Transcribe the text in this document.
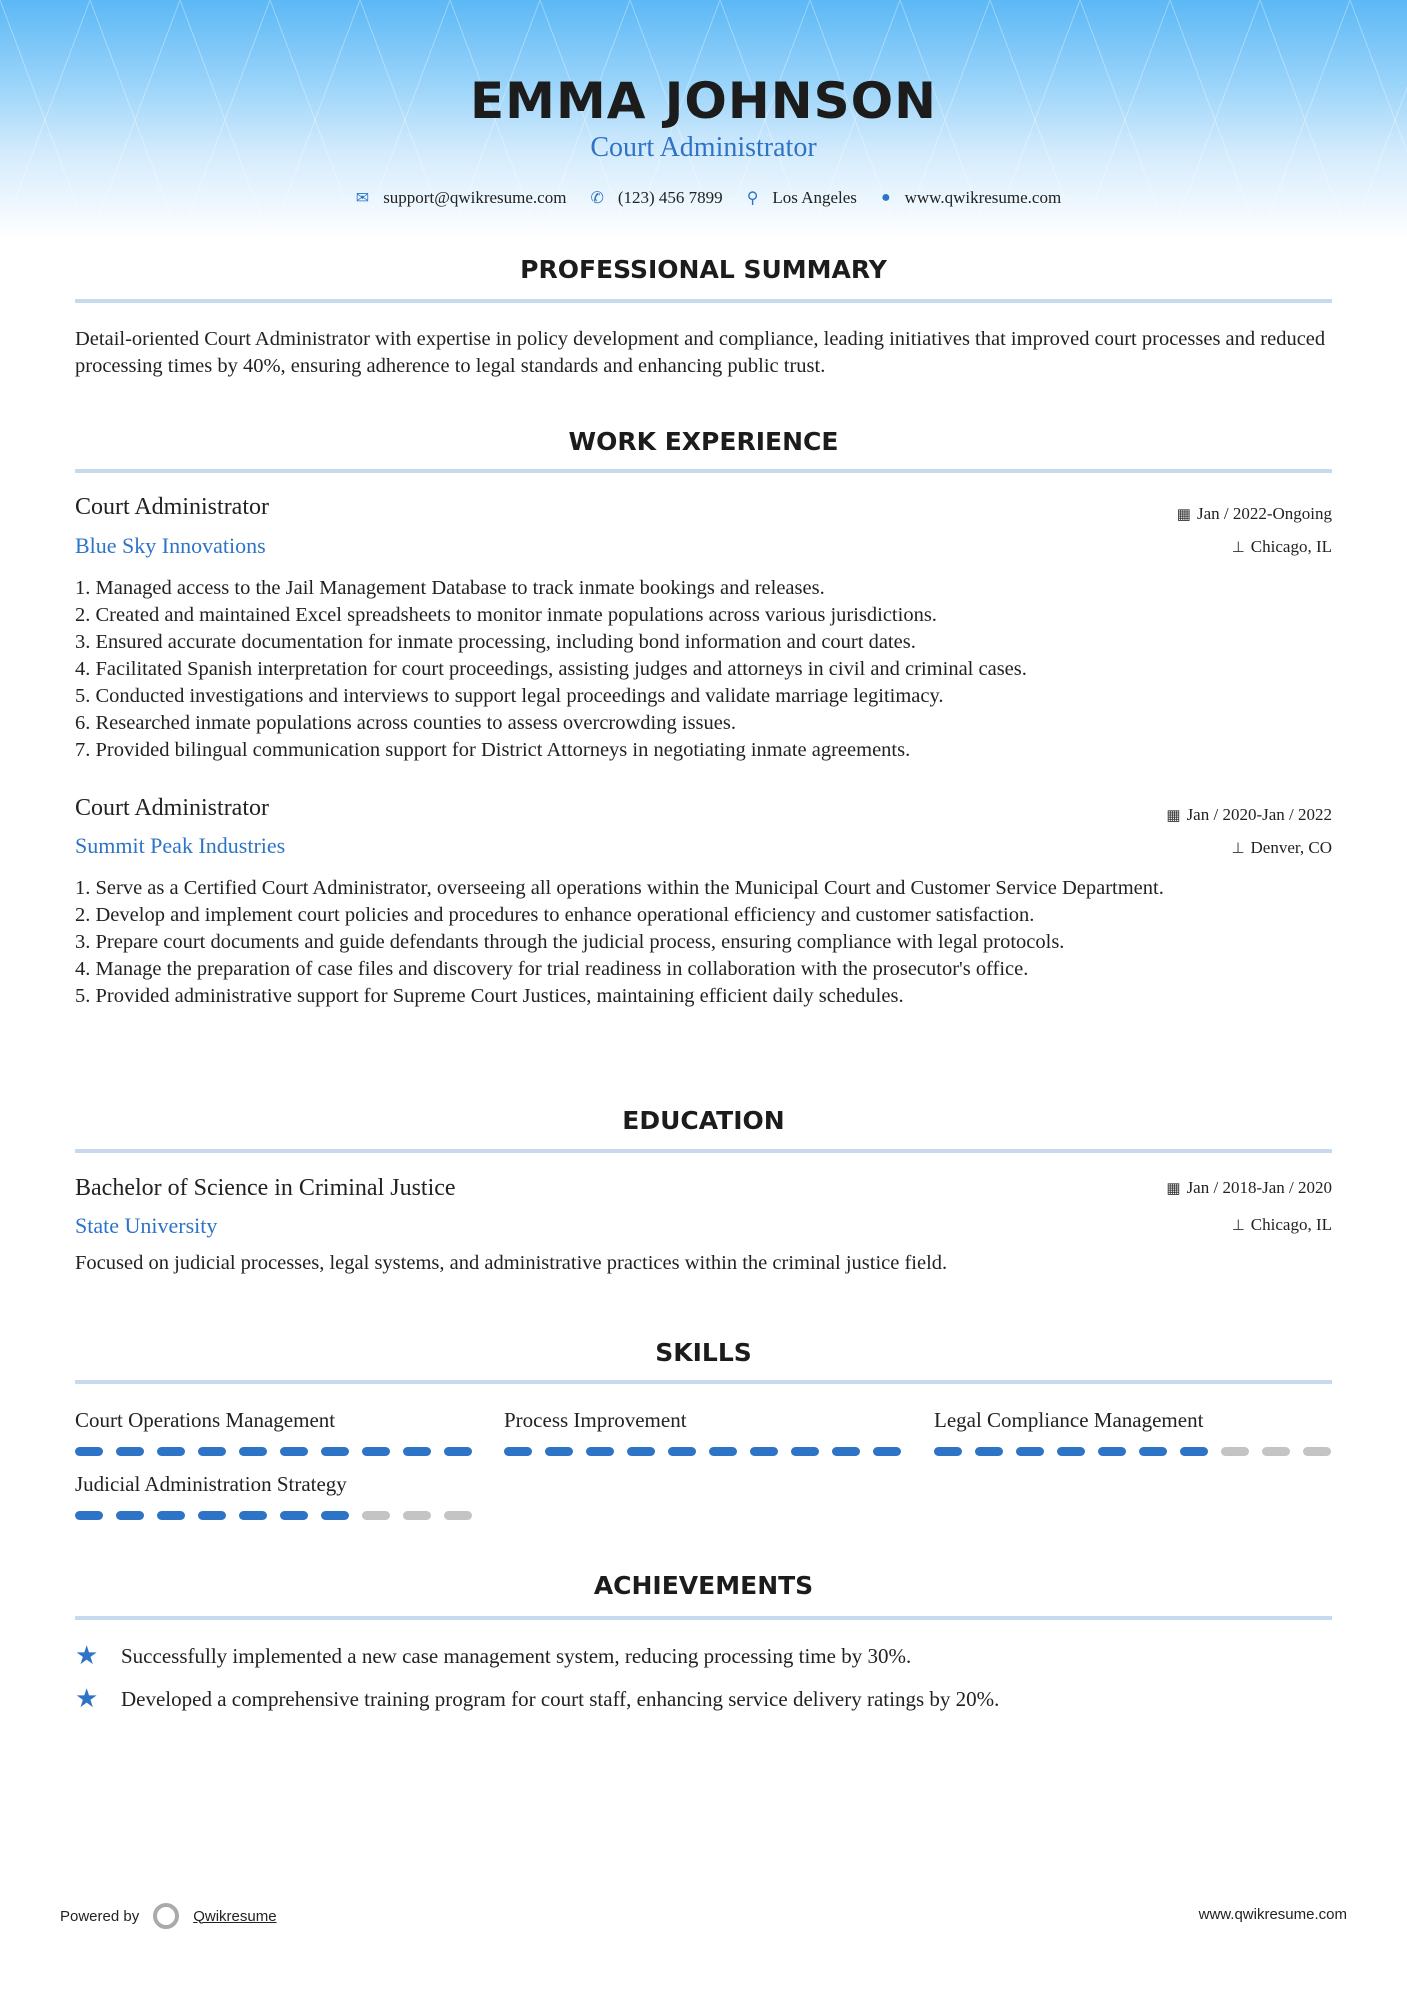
EMMA JOHNSON
Court Administrator
✉ support@qwikresume.com ✆ (123) 456 7899 ⚲ Los Angeles ● www.qwikresume.com
PROFESSIONAL SUMMARY
Detail-oriented Court Administrator with expertise in policy development and compliance, leading initiatives that improved court processes and reduced processing times by 40%, ensuring adherence to legal standards and enhancing public trust.
WORK EXPERIENCE
Court Administrator
Blue Sky Innovations
▦ Jan / 2022-Ongoing
⊥ Chicago, IL
1. Managed access to the Jail Management Database to track inmate bookings and releases.
2. Created and maintained Excel spreadsheets to monitor inmate populations across various jurisdictions.
3. Ensured accurate documentation for inmate processing, including bond information and court dates.
4. Facilitated Spanish interpretation for court proceedings, assisting judges and attorneys in civil and criminal cases.
5. Conducted investigations and interviews to support legal proceedings and validate marriage legitimacy.
6. Researched inmate populations across counties to assess overcrowding issues.
7. Provided bilingual communication support for District Attorneys in negotiating inmate agreements.
Court Administrator
Summit Peak Industries
▦ Jan / 2020-Jan / 2022
⊥ Denver, CO
1. Serve as a Certified Court Administrator, overseeing all operations within the Municipal Court and Customer Service Department.
2. Develop and implement court policies and procedures to enhance operational efficiency and customer satisfaction.
3. Prepare court documents and guide defendants through the judicial process, ensuring compliance with legal protocols.
4. Manage the preparation of case files and discovery for trial readiness in collaboration with the prosecutor's office.
5. Provided administrative support for Supreme Court Justices, maintaining efficient daily schedules.
EDUCATION
Bachelor of Science in Criminal Justice
State University
▦ Jan / 2018-Jan / 2020
⊥ Chicago, IL
Focused on judicial processes, legal systems, and administrative practices within the criminal justice field.
SKILLS
Court Operations Management	Process Improvement	Legal Compliance Management
Judicial Administration Strategy
ACHIEVEMENTS
★	Successfully implemented a new case management system, reducing processing time by 30%.
★	Developed a comprehensive training program for court staff, enhancing service delivery ratings by 20%.
Powered by	Qwikresume	www.qwikresume.com
